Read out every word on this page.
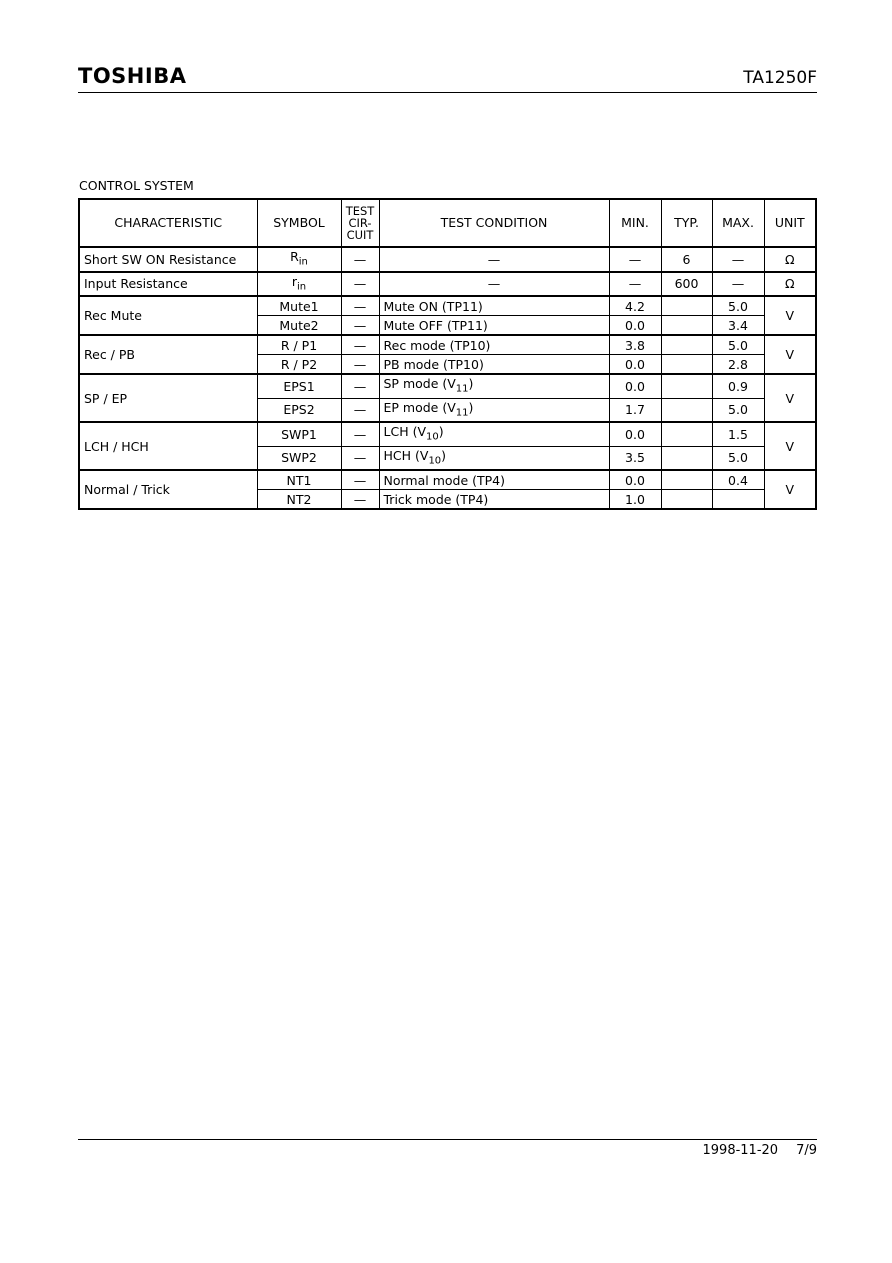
TOSHIBA	TA1250F
CONTROL SYSTEM
CHARACTERISTIC	SYMBOL	TEST
CIR-
CUIT	TEST CONDITION	MIN.	TYP.	MAX.	UNIT
Short SW ON Resistance	$R_{in}$	—	—	—	6	—	Ω
Input Resistance	$r_{in}$	—	—	—	600	—	Ω
Rec Mute	Mute1	—	Mute ON (TP11)	4.2		5.0	V
	Mute2	—	Mute OFF (TP11)	0.0		3.4	
Rec / PB	R / P1	—	Rec mode (TP10)	3.8		5.0	V
	R / P2	—	PB mode (TP10)	0.0		2.8	
SP / EP	EPS1	—	SP mode $(V_{11})$	0.0		0.9	V
	EPS2	—	EP mode $(V_{11})$	1.7		5.0	
LCH / HCH	SWP1	—	LCH $(V_{10})$	0.0		1.5	V
	SWP2	—	HCH $(V_{10})$	3.5		5.0	
Normal / Trick	NT1	—	Normal mode (TP4)	0.0		0.4	V
	NT2	—	Trick mode (TP4)	1.0			
1998-11-20 7/9
